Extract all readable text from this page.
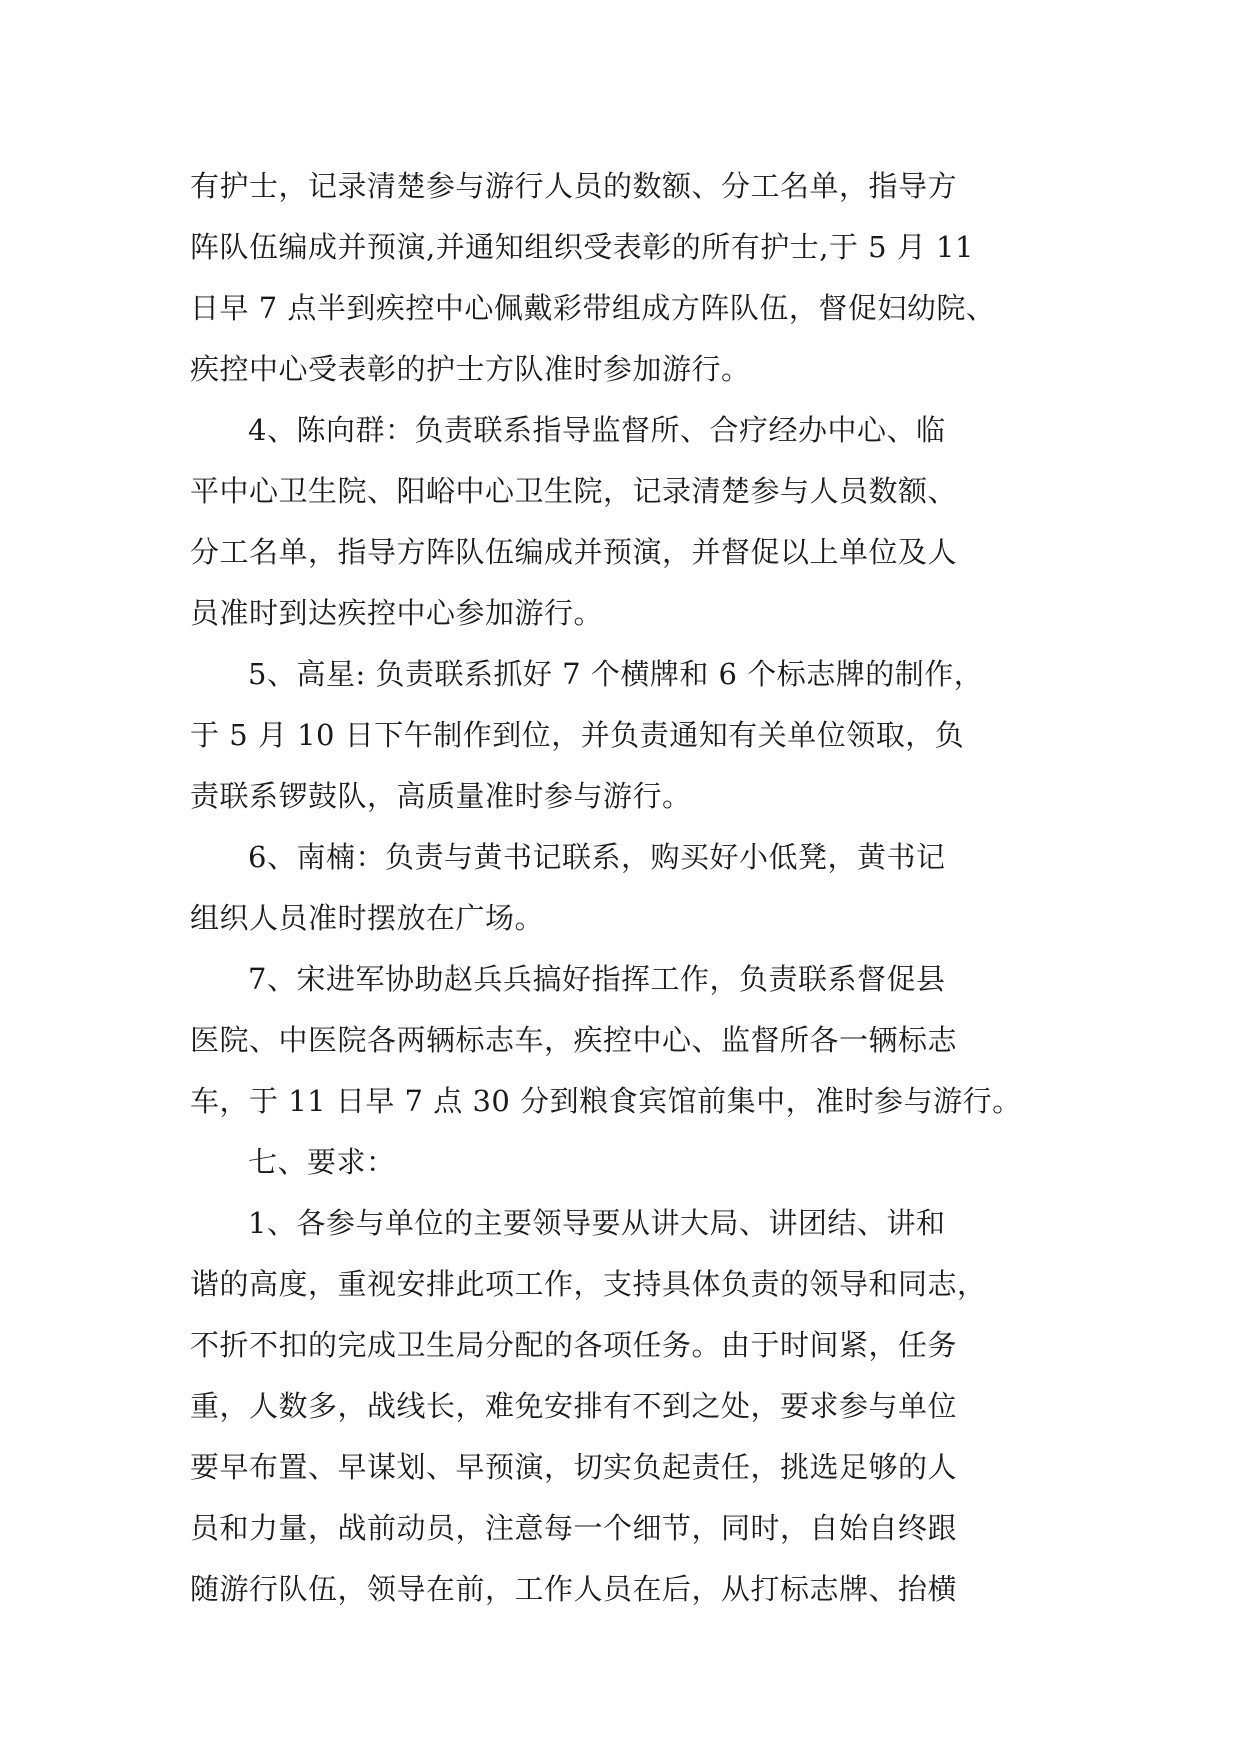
有护士，记录清楚参与游行人员的数额、分工名单，指导方
阵队伍编成并预演,并通知组织受表彰的所有护士,于 5 月 11
日早 7 点半到疾控中心佩戴彩带组成方阵队伍，督促妇幼院、
疾控中心受表彰的护士方队准时参加游行。
4、陈向群：负责联系指导监督所、合疗经办中心、临
平中心卫生院、阳峪中心卫生院，记录清楚参与人员数额、
分工名单，指导方阵队伍编成并预演，并督促以上单位及人
员准时到达疾控中心参加游行。
5、高星: 负责联系抓好 7 个横牌和 6 个标志牌的制作，
于 5 月 10 日下午制作到位，并负责通知有关单位领取，负
责联系锣鼓队，高质量准时参与游行。
6、南楠：负责与黄书记联系，购买好小低凳，黄书记
组织人员准时摆放在广场。
7、宋进军协助赵兵兵搞好指挥工作，负责联系督促县
医院、中医院各两辆标志车，疾控中心、监督所各一辆标志
车，于 11 日早 7 点 30 分到粮食宾馆前集中，准时参与游行。
七、要求：
1、各参与单位的主要领导要从讲大局、讲团结、讲和
谐的高度，重视安排此项工作，支持具体负责的领导和同志，
不折不扣的完成卫生局分配的各项任务。由于时间紧，任务
重，人数多，战线长，难免安排有不到之处，要求参与单位
要早布置、早谋划、早预演，切实负起责任，挑选足够的人
员和力量，战前动员，注意每一个细节，同时，自始自终跟
随游行队伍，领导在前，工作人员在后，从打标志牌、抬横
